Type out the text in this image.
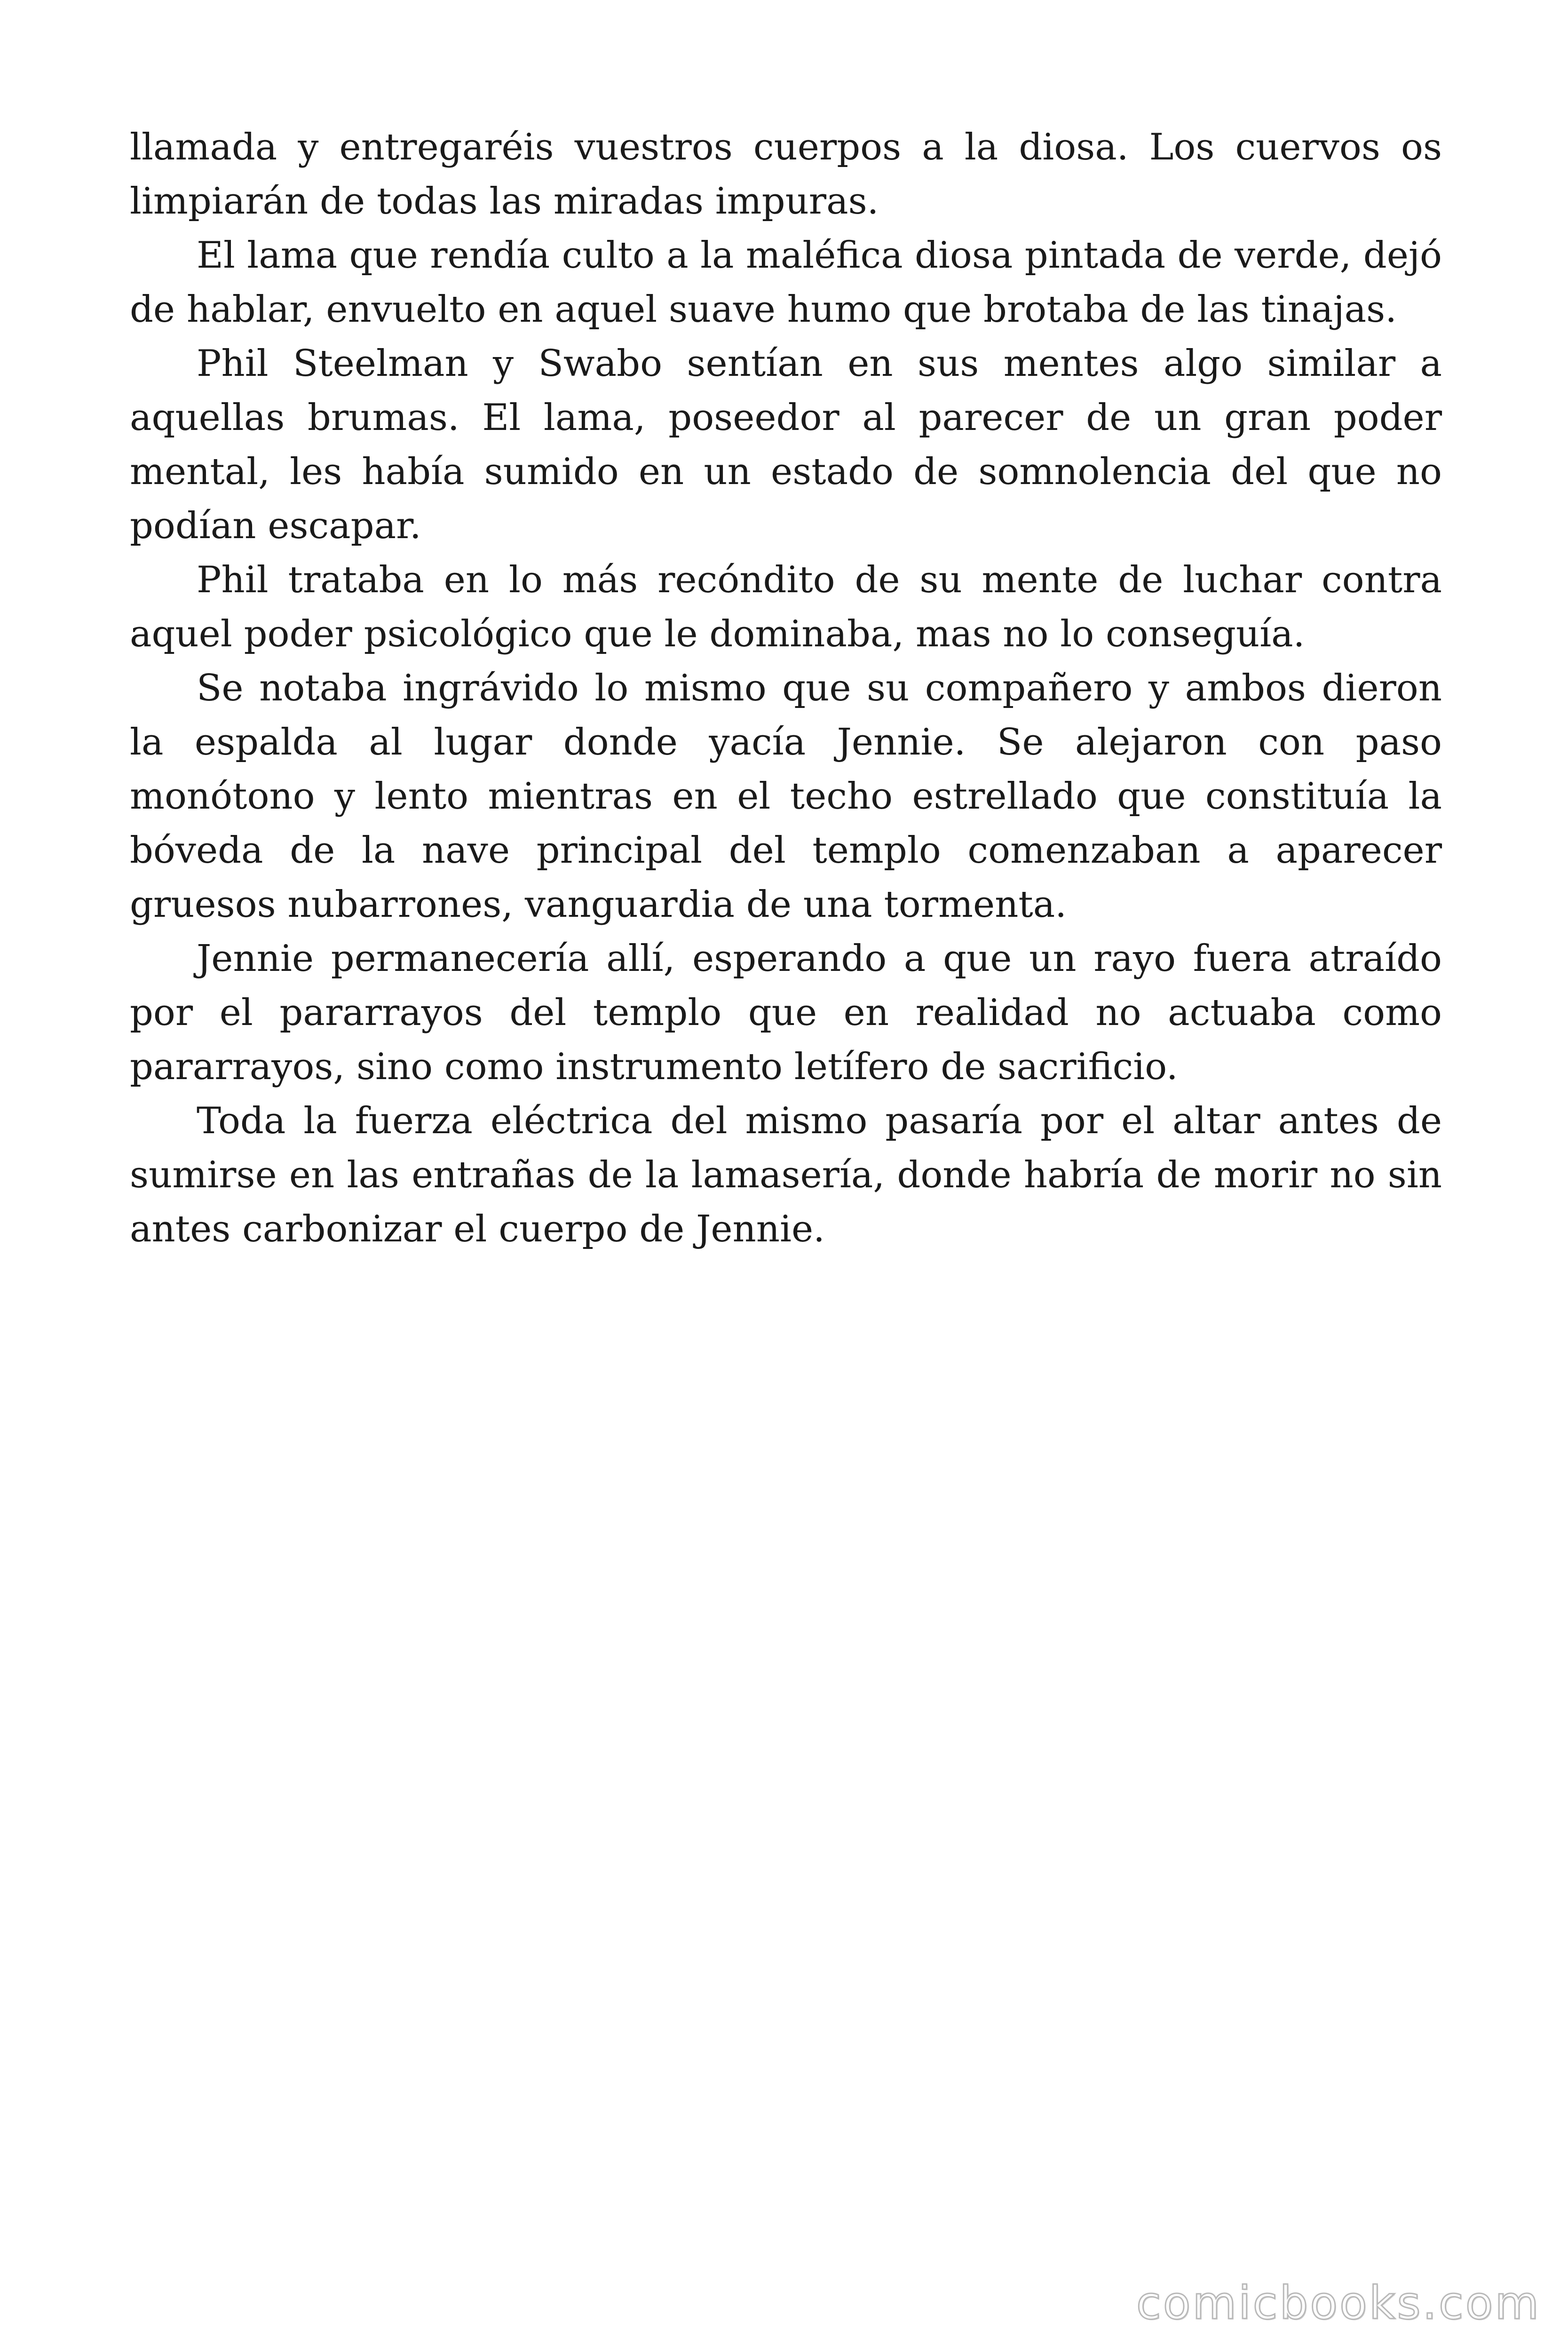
llamada y entregaréis vuestros cuerpos a la diosa. Los cuervos os limpiarán de todas las miradas impuras.

El lama que rendía culto a la maléfica diosa pintada de verde, dejó de hablar, envuelto en aquel suave humo que brotaba de las tinajas.

Phil Steelman y Swabo sentían en sus mentes algo similar a aquellas brumas. El lama, poseedor al parecer de un gran poder mental, les había sumido en un estado de somnolencia del que no podían escapar.

Phil trataba en lo más recóndito de su mente de luchar contra aquel poder psicológico que le dominaba, mas no lo conseguía.

Se notaba ingrávido lo mismo que su compañero y ambos dieron la espalda al lugar donde yacía Jennie. Se alejaron con paso monótono y lento mientras en el techo estrellado que constituía la bóveda de la nave principal del templo comenzaban a aparecer gruesos nubarrones, vanguardia de una tormenta.

Jennie permanecería allí, esperando a que un rayo fuera atraído por el pararrayos del templo que en realidad no actuaba como pararrayos, sino como instrumento letífero de sacrificio.

Toda la fuerza eléctrica del mismo pasaría por el altar antes de sumirse en las entrañas de la lamasería, donde habría de morir no sin antes carbonizar el cuerpo de Jennie.

comicbooks.com
